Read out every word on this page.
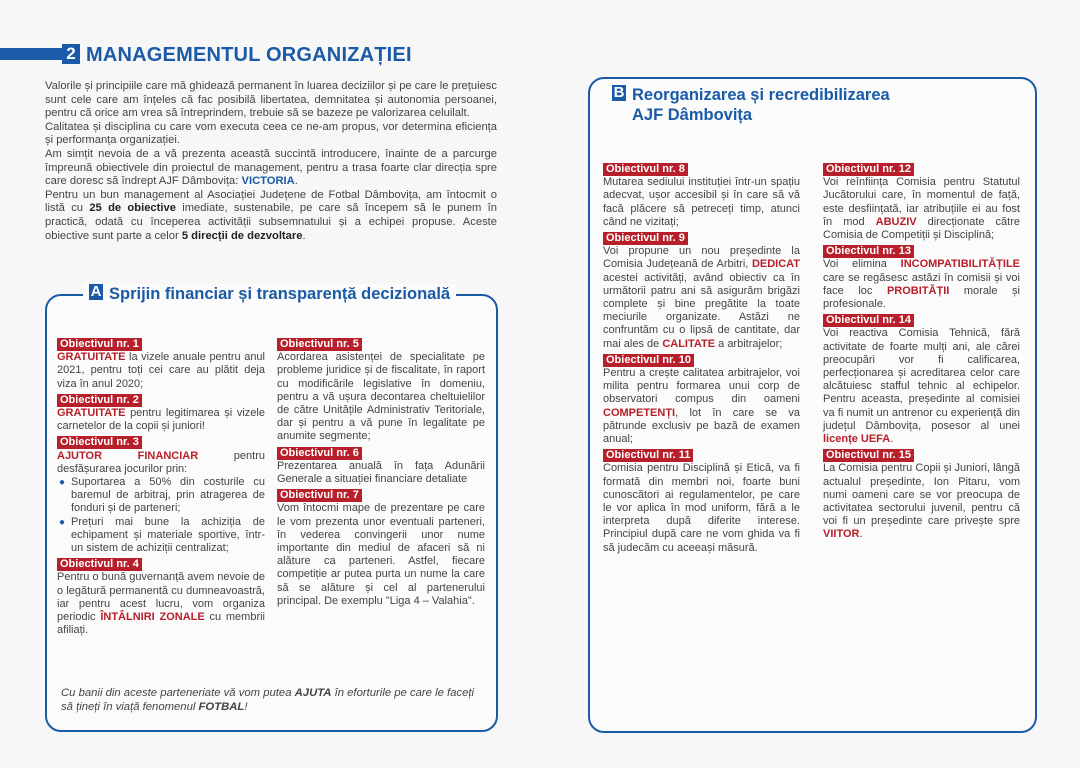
2 MANAGEMENTUL ORGANIZAȚIEI

Valorile și principiile care mă ghidează permanent în luarea deciziilor și pe care le prețuiesc sunt cele care am înțeles că fac posibilă libertatea, demnitatea și autonomia persoanei, pentru că orice am vrea să întreprindem, trebuie să se bazeze pe valorizarea celuilalt.

Calitatea și disciplina cu care vom executa ceea ce ne-am propus, vor determina eficiența și performanța organizației.

Am simțit nevoia de a vă prezenta această succintă introducere, înainte de a parcurge împreună obiectivele din proiectul de management, pentru a trasa foarte clar direcția spre care doresc să îndrept AJF Dâmbovița: VICTORIA.

Pentru un bun management al Asociației Județene de Fotbal Dâmbovița, am întocmit o listă cu 25 de obiective imediate, sustenabile, pe care să începem să le punem în practică, odată cu începerea activității subsemnatului și a echipei propuse. Aceste obiective sunt parte a celor 5 direcții de dezvoltare.

A Sprijin financiar și transparență decizională
Obiectivul nr. 1
GRATUITATE la vizele anuale pentru anul 2021, pentru toți cei care au plătit deja viza în anul 2020;
Obiectivul nr. 2
GRATUITATE pentru legitimarea și vizele carnetelor de la copii și juniori!
Obiectivul nr. 3
AJUTOR FINANCIAR	pentru desfășurarea jocurilor prin:
● Suportarea a 50% din costurile cu baremul de arbitraj, prin atragerea de fonduri și de parteneri;
● Prețuri mai bune la achiziția de echipament și materiale sportive, într-un sistem de achiziții centralizat;
Obiectivul nr. 4
Pentru o bună guvernanță avem nevoie de o legătură permanentă cu dumneavoastră, iar pentru acest lucru, vom organiza periodic ÎNTÂLNIRI ZONALE cu membrii afiliați.
Obiectivul nr. 5
Acordarea asistenței de specialitate pe probleme juridice și de fiscalitate, în raport cu modificările legislative în domeniu, pentru a vă ușura decontarea cheltuielilor de către Unitățile Administrativ Teritoriale, dar și pentru a vă pune în legalitate pe anumite segmente;
Obiectivul nr. 6
Prezentarea anuală în fața Adunării Generale a situației financiare detaliate
Obiectivul nr. 7
Vom întocmi mape de prezentare pe care le vom prezenta unor eventuali parteneri, în vederea convingerii unor nume importante din mediul de afaceri să ni alăture ca parteneri. Astfel, fiecare competiție ar putea purta un nume la care să se alăture și cel al partenerului principal. De exemplu "Liga 4 – Valahia".
Cu banii din aceste parteneriate vă vom putea AJUTA în eforturile pe care le faceți să țineți în viață fenomenul FOTBAL!
B Reorganizarea și recredibilizarea
AJF Dâmbovița
Obiectivul nr. 8
Mutarea sediului instituției într-un spațiu adecvat, ușor accesibil și în care să vă facă plăcere să petreceți timp, atunci când ne vizitați;
Obiectivul nr. 9
Voi propune un nou președinte la Comisia Județeană de Arbitri, DEDICAT acestei activități, având obiectiv ca în următorii patru ani să asigurăm brigăzi complete și bine pregătite la toate meciurile organizate. Astăzi ne confruntăm cu o lipsă de cantitate, dar mai ales de CALITATE a arbitrajelor;
Obiectivul nr. 10
Pentru a crește calitatea arbitrajelor, voi milita pentru formarea unui corp de observatori compus din oameni COMPETENȚI, lot în care se va pătrunde exclusiv pe bază de examen anual;
Obiectivul nr. 11
Comisia pentru Disciplină și Etică, va fi formată din membri noi, foarte buni cunoscători ai regulamentelor, pe care le vor aplica în mod uniform, fără a le interpreta după diferite interese. Principiul după care ne vom ghida va fi să judecăm cu aceeași măsură.
Obiectivul nr. 12
Voi reînființa Comisia pentru Statutul Jucătorului care, în momentul de față, este desființată, iar atribuțiile ei au fost în mod ABUZIV direcționate către Comisia de Competiții și Disciplină;
Obiectivul nr. 13
Voi elimina INCOMPATIBILITĂȚILE care se regăsesc astăzi în comisii și voi face loc PROBITĂȚII morale și profesionale.
Obiectivul nr. 14
Voi reactiva Comisia Tehnică, fără activitate de foarte mulți ani, ale cărei preocupări vor fi calificarea, perfecționarea și acreditarea celor care alcătuiesc stafful tehnic al echipelor. Pentru aceasta, președinte al comisiei va fi numit un antrenor cu experiență din județul Dâmbovița, posesor al unei licențe UEFA.
Obiectivul nr. 15
La Comisia pentru Copii și Juniori, lângă actualul președinte, Ion Pitaru, vom numi oameni care se vor preocupa de activitatea sectorului juvenil, pentru că voi fi un președinte care privește spre VIITOR.
